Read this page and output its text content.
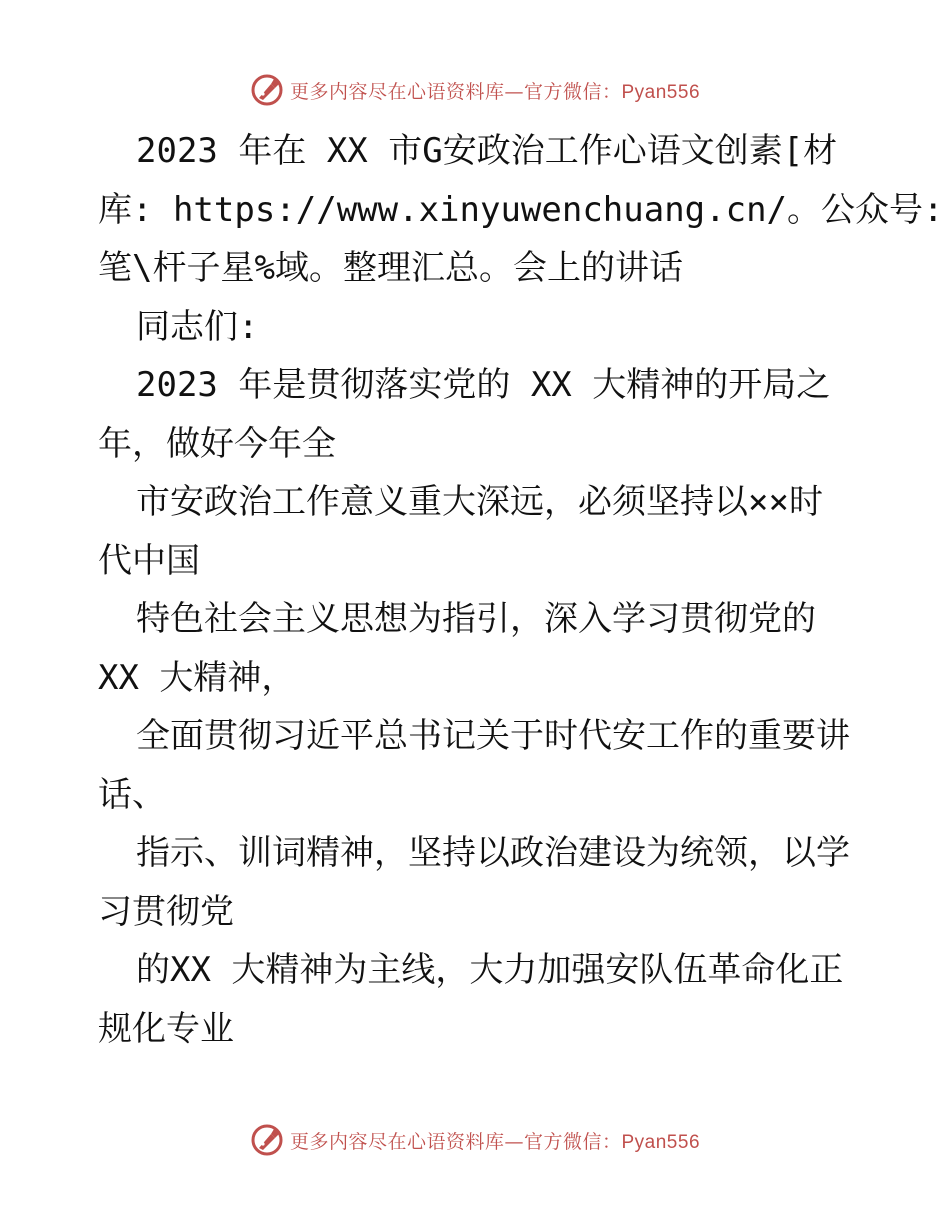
更多内容尽在心语资料库—官方微信：Pyan556
2023 年在 XX 市G安政治工作心语文创素[材
库: https://www.xinyuwenchuang.cn/。公众号:
笔\杆子星%域。整理汇总。会上的讲话
同志们:
2023 年是贯彻落实党的 XX 大精神的开局之
年，做好今年全
市安政治工作意义重大深远，必须坚持以××时
代中国
特色社会主义思想为指引，深入学习贯彻党的
XX 大精神，
全面贯彻习近平总书记关于时代安工作的重要讲
话、
指示、训词精神，坚持以政治建设为统领，以学
习贯彻党
的XX 大精神为主线，大力加强安队伍革命化正
规化专业
更多内容尽在心语资料库—官方微信：Pyan556
